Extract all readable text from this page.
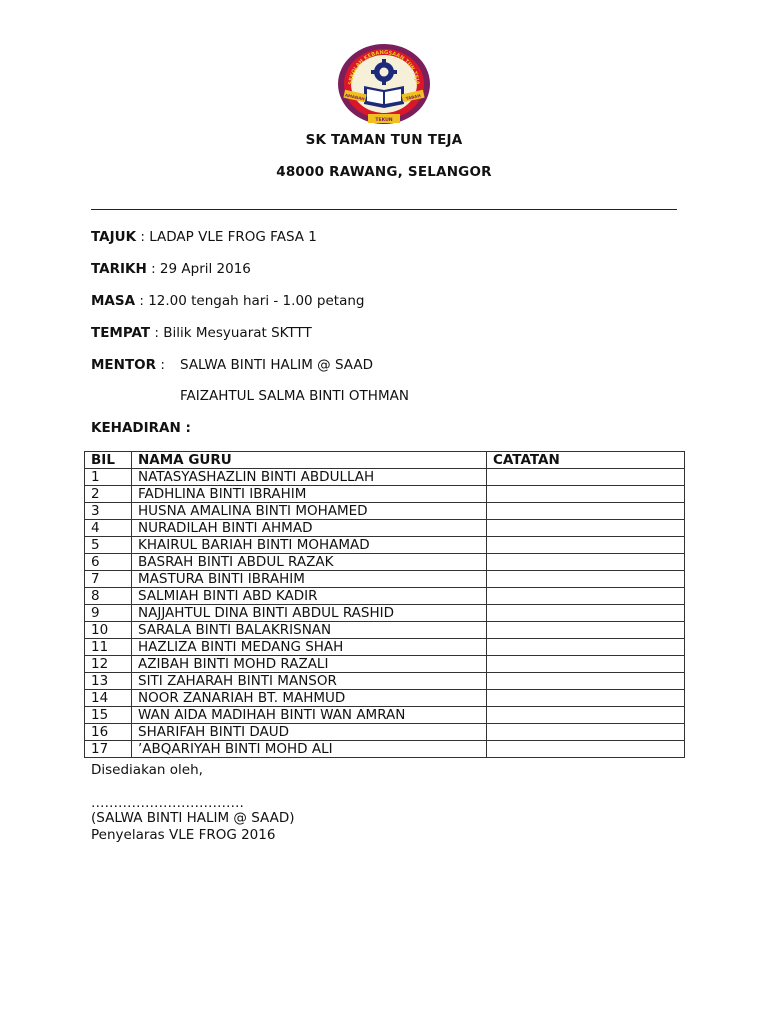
SEKOLAH KEBANGSAAN TUN TEJA
AMANAH	TABAH
TEKUN
SK TAMAN TUN TEJA
48000 RAWANG, SELANGOR
TAJUK : LADAP VLE FROG FASA 1
TARIKH : 29 April 2016
MASA : 12.00 tengah hari - 1.00 petang
TEMPAT : Bilik Mesyuarat SKTTT
MENTOR : SALWA BINTI HALIM @ SAAD
FAIZAHTUL SALMA BINTI OTHMAN
KEHADIRAN :
BIL	NAMA GURU	CATATAN
1	NATASYASHAZLIN BINTI ABDULLAH	
2	FADHLINA BINTI IBRAHIM	
3	HUSNA AMALINA BINTI MOHAMED	
4	NURADILAH BINTI AHMAD	
5	KHAIRUL BARIAH BINTI MOHAMAD	
6	BASRAH BINTI ABDUL RAZAK	
7	MASTURA BINTI IBRAHIM	
8	SALMIAH BINTI ABD KADIR	
9	NAJJAHTUL DINA BINTI ABDUL RASHID	
10	SARALA BINTI BALAKRISNAN	
11	HAZLIZA BINTI MEDANG SHAH	
12	AZIBAH BINTI MOHD RAZALI	
13	SITI ZAHARAH BINTI MANSOR	
14	NOOR ZANARIAH BT. MAHMUD	
15	WAN AIDA MADIHAH BINTI WAN AMRAN	
16	SHARIFAH BINTI DAUD	
17	’ABQARIYAH BINTI MOHD ALI	
Disediakan oleh,
…………………………….
(SALWA BINTI HALIM @ SAAD)
Penyelaras VLE FROG 2016
